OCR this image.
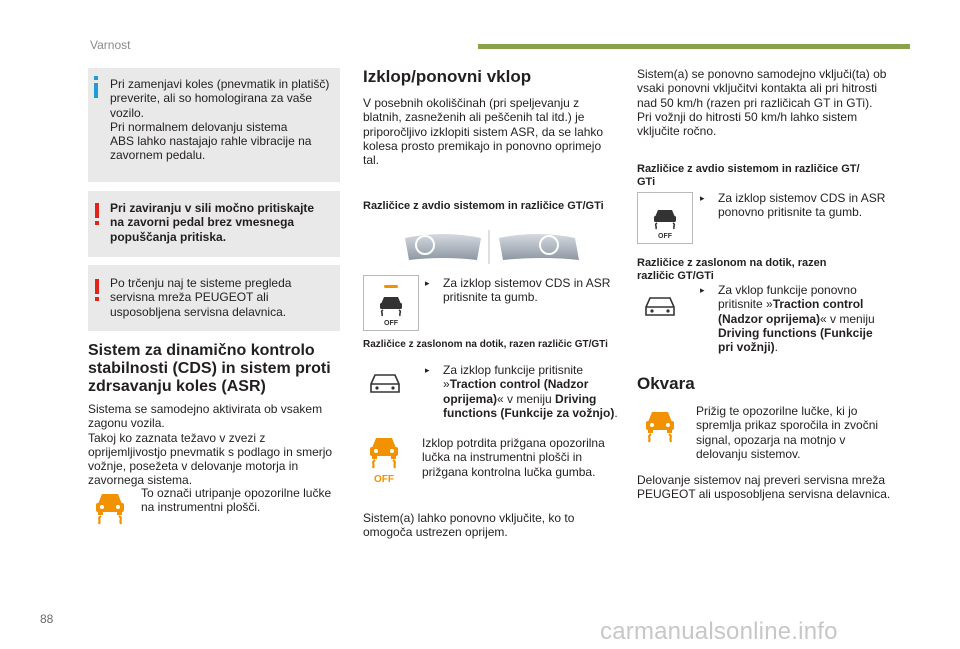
Varnost
Pri zamenjavi koles (pnevmatik in platišč)
preverite, ali so homologirana za vaše
vozilo.
Pri normalnem delovanju sistema
ABS lahko nastajajo rahle vibracije na
zavornem pedalu.
Pri zaviranju v sili močno pritiskajte
na zavorni pedal brez vmesnega
popuščanja pritiska.
Po trčenju naj te sisteme pregleda
servisna mreža PEUGEOT ali
usposobljena servisna delavnica.
Sistem za dinamično kontrolo
stabilnosti (CDS) in sistem proti
zdrsavanju koles (ASR)
Sistema se samodejno aktivirata ob vsakem
zagonu vozila.
Takoj ko zaznata težavo v zvezi z
oprijemljivostjo pnevmatik s podlago in smerjo
vožnje, posežeta v delovanje motorja in
zavornega sistema.
To označi utripanje opozorilne lučke
na instrumentni plošči.
Izklop/ponovni vklop
V posebnih okoliščinah (pri speljevanju z
blatnih, zasneženih ali peščenih tal itd.) je
priporočljivo izklopiti sistem ASR, da se lahko
kolesa prosto premikajo in ponovno oprimejo
tal.
Različice z avdio sistemom in različice GT/GTi
OFF
▸ Za izklop sistemov CDS in ASR
pritisnite ta gumb.
Različice z zaslonom na dotik, razen različic GT/GTi
▸ Za izklop funkcije pritisnite
»Traction control (Nadzor
oprijema)« v meniju Driving
functions (Funkcije za vožnjo).
OFF
Izklop potrdita prižgana opozorilna
lučka na instrumentni plošči in
prižgana kontrolna lučka gumba.
Sistem(a) lahko ponovno vključite, ko to
omogoča ustrezen oprijem.
Sistem(a) se ponovno samodejno vključi(ta) ob
vsaki ponovni vključitvi kontakta ali pri hitrosti
nad 50 km/h (razen pri različicah GT in GTi).
Pri vožnji do hitrosti 50 km/h lahko sistem
vključite ročno.
Različice z avdio sistemom in različice GT/
GTi
OFF
▸ Za izklop sistemov CDS in ASR
ponovno pritisnite ta gumb.
Različice z zaslonom na dotik, razen
različic GT/GTi
▸ Za vklop funkcije ponovno
pritisnite »Traction control
(Nadzor oprijema)« v meniju
Driving functions (Funkcije
pri vožnji).
Okvara
Prižig te opozorilne lučke, ki jo
spremlja prikaz sporočila in zvočni
signal, opozarja na motnjo v
delovanju sistemov.
Delovanje sistemov naj preveri servisna mreža
PEUGEOT ali usposobljena servisna delavnica.
88	carmanualsonline.info
